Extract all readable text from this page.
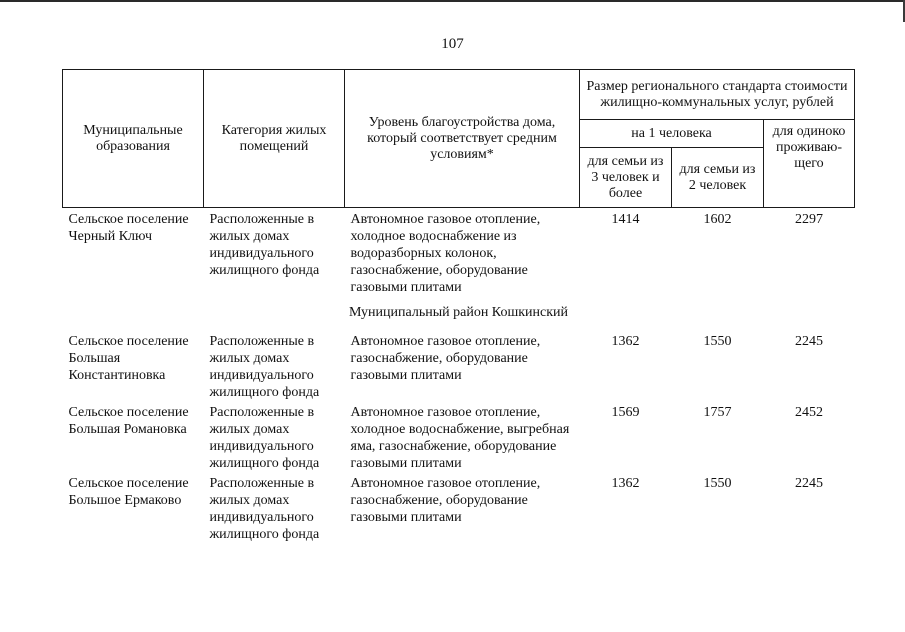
107
Муниципальные образования	Категория жилых помещений	Уровень благоустройства дома, который соответствует средним условиям*	Размер регионального стандарта стоимости жилищно-коммунальных услуг, рублей		
			на 1 человека		для одиноко проживаю-щего
			для семьи из 3 человек и более	для семьи из 2 человек	
Сельское поселение Черный Ключ	Расположенные в жилых домах индивидуального жилищного фонда	Автономное газовое отопление, холодное водоснабжение из водоразборных колонок, газоснабжение, оборудование газовыми плитами	1414	1602	2297
Муниципальный район Кошкинский					
Сельское поселение Большая Константиновка	Расположенные в жилых домах индивидуального жилищного фонда	Автономное газовое отопление, газоснабжение, оборудование газовыми плитами	1362	1550	2245
Сельское поселение Большая Романовка	Расположенные в жилых домах индивидуального жилищного фонда	Автономное газовое отопление, холодное водоснабжение, выгребная яма, газоснабжение, оборудование газовыми плитами	1569	1757	2452
Сельское поселение Большое Ермаково	Расположенные в жилых домах индивидуального жилищного фонда	Автономное газовое отопление, газоснабжение, оборудование газовыми плитами	1362	1550	2245
